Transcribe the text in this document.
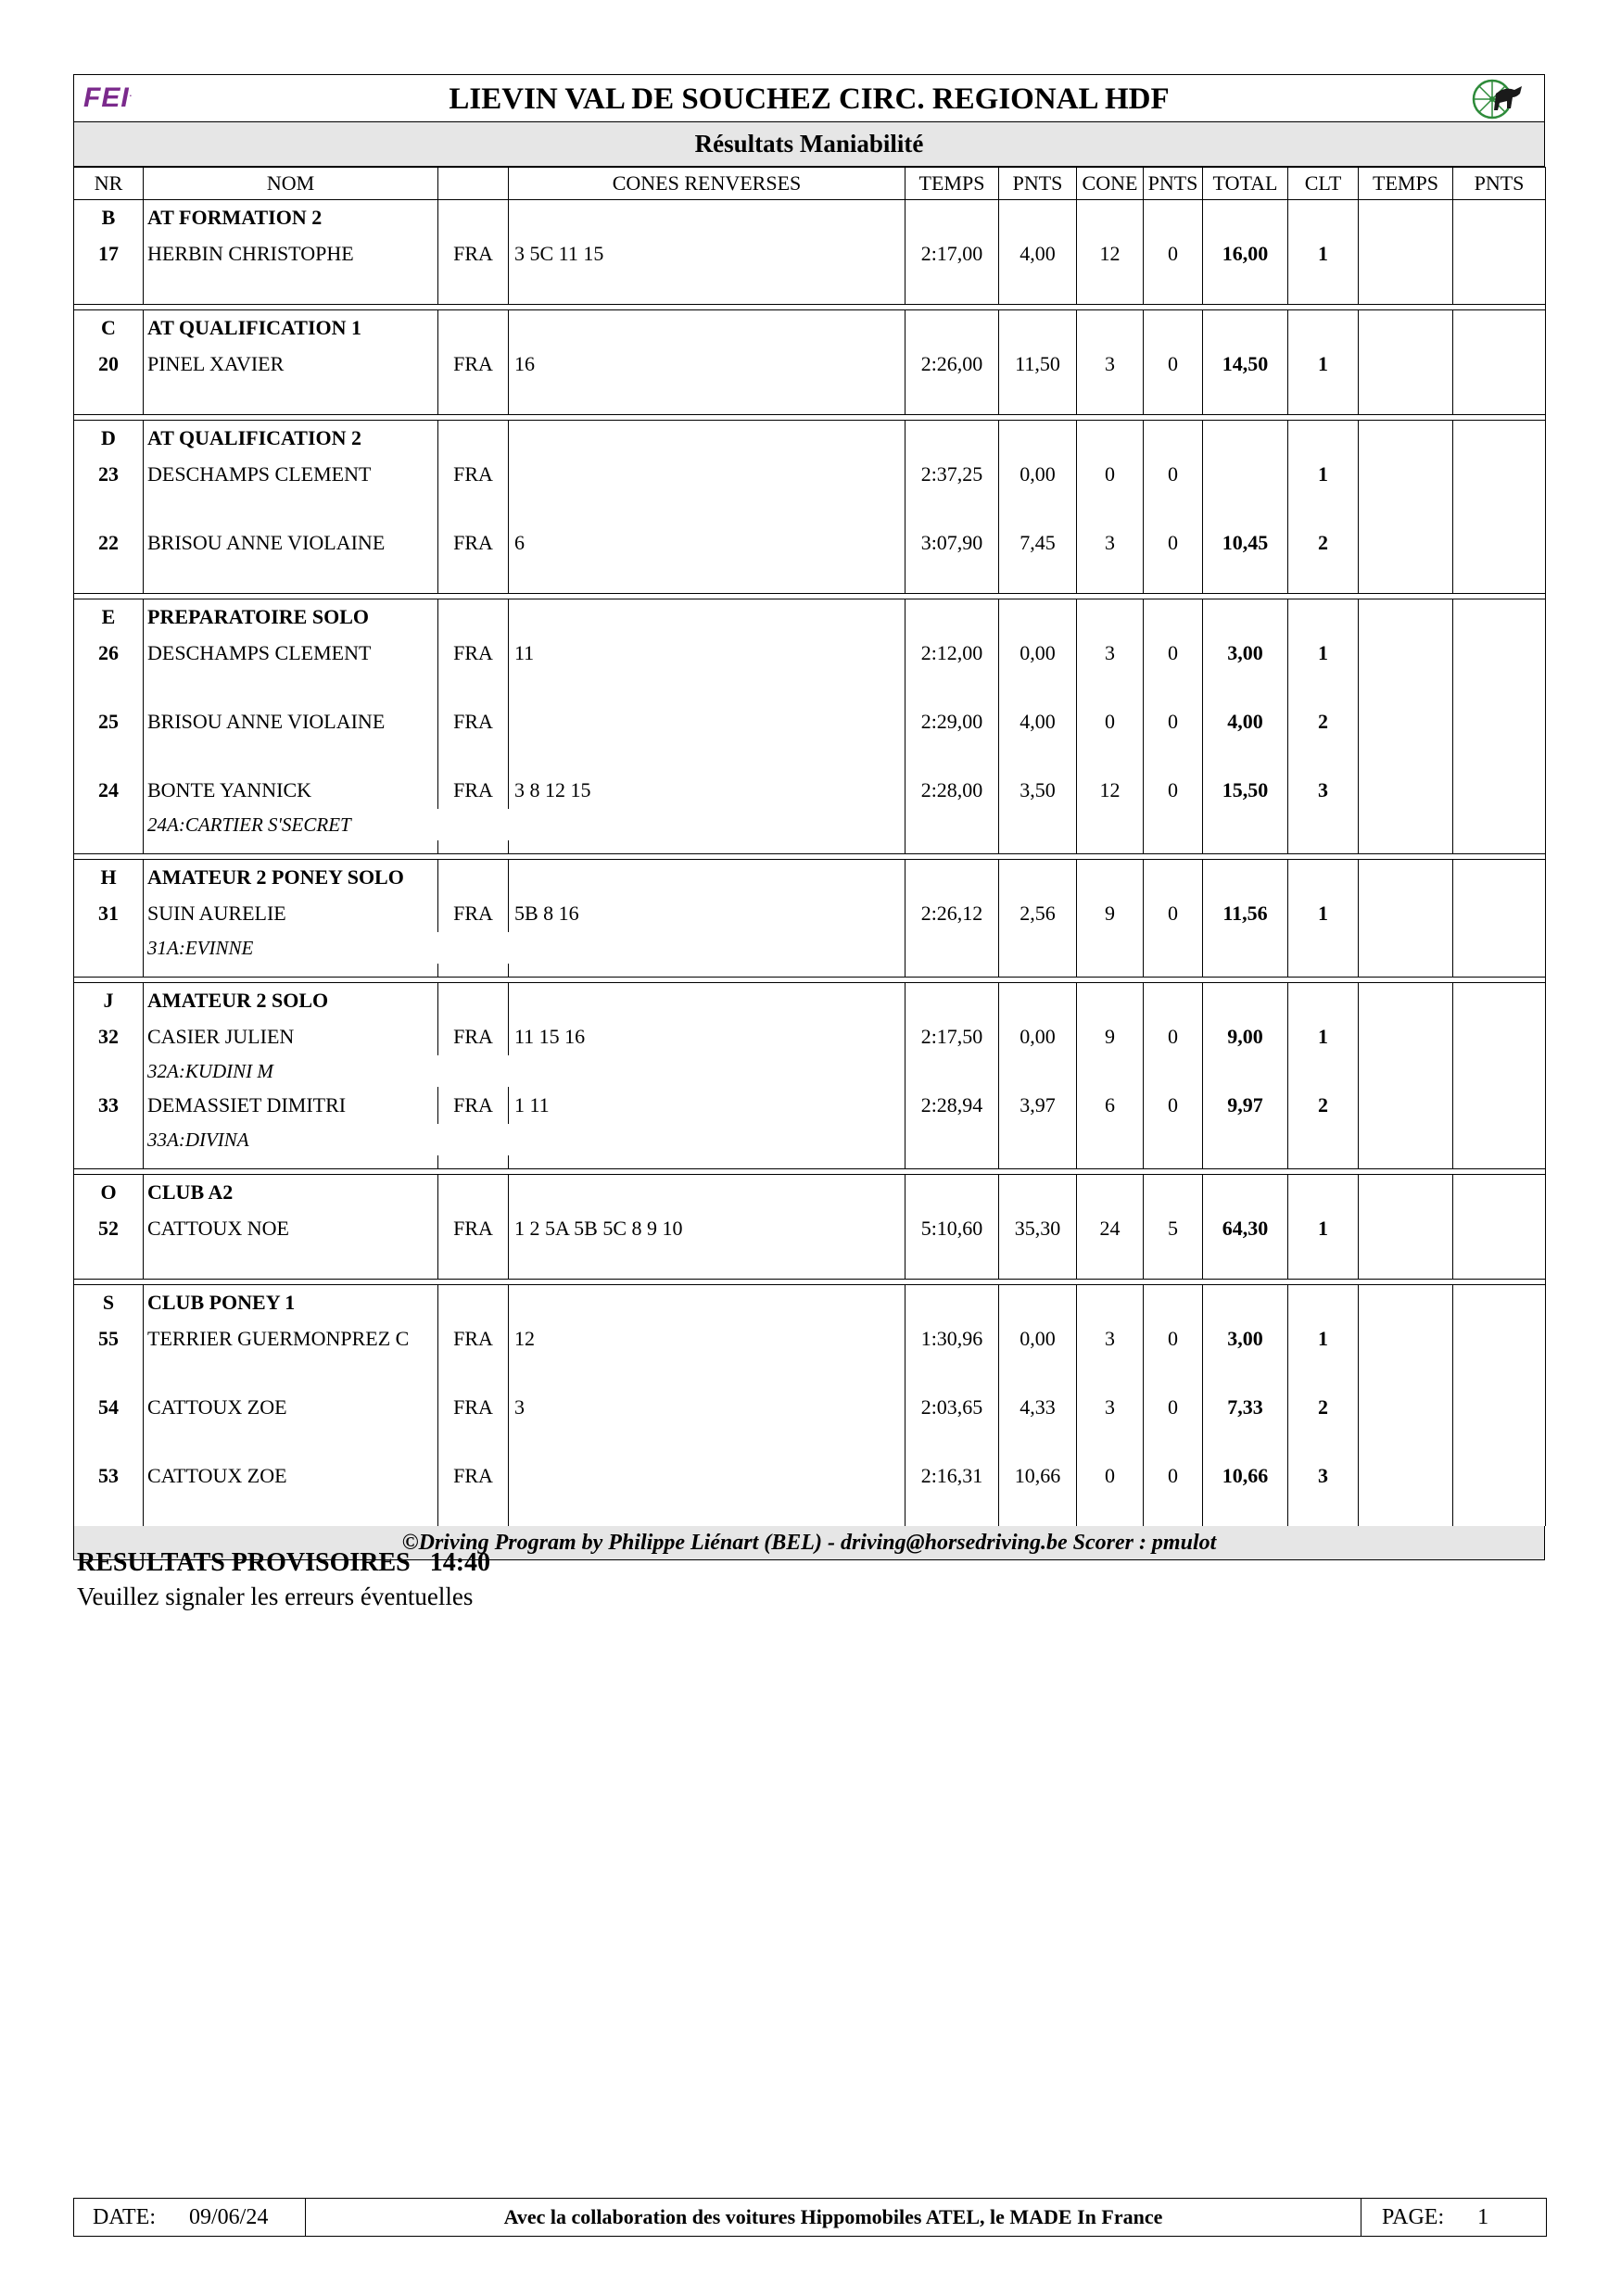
FEI.	LIEVIN VAL DE SOUCHEZ CIRC. REGIONAL HDF
Résultats Maniabilité
NR	NOM		CONES RENVERSES	TEMPS	PNTS	CONE	PNTS	TOTAL	CLT	TEMPS	PNTS
B	AT FORMATION 2										
17	HERBIN CHRISTOPHE	FRA	3 5C 11 15	2:17,00	4,00	12	0	16,00	1		

C	AT QUALIFICATION 1										
20	PINEL XAVIER	FRA	16	2:26,00	11,50	3	0	14,50	1		

D	AT QUALIFICATION 2										
23	DESCHAMPS CLEMENT	FRA		2:37,25	0,00	0	0		1		

22	BRISOU ANNE VIOLAINE	FRA	6	3:07,90	7,45	3	0	10,45	2		

E	PREPARATOIRE SOLO										
26	DESCHAMPS CLEMENT	FRA	11	2:12,00	0,00	3	0	3,00	1		

25	BRISOU ANNE VIOLAINE	FRA		2:29,00	4,00	0	0	4,00	2		

24	BONTE YANNICK	FRA	3 8 12 15	2:28,00	3,50	12	0	15,50	3		
	24A:CARTIER S'SECRET										

H	AMATEUR 2 PONEY SOLO										
31	SUIN AURELIE	FRA	5B 8 16	2:26,12	2,56	9	0	11,56	1		
	31A:EVINNE										

J	AMATEUR 2 SOLO										
32	CASIER JULIEN	FRA	11 15 16	2:17,50	0,00	9	0	9,00	1		
	32A:KUDINI M										
33	DEMASSIET DIMITRI	FRA	1 11	2:28,94	3,97	6	0	9,97	2		
	33A:DIVINA										

O	CLUB A2										
52	CATTOUX NOE	FRA	1 2 5A 5B 5C 8 9 10	5:10,60	35,30	24	5	64,30	1		

S	CLUB PONEY 1										
55	TERRIER GUERMONPREZ C	FRA	12	1:30,96	0,00	3	0	3,00	1		

54	CATTOUX ZOE	FRA	3	2:03,65	4,33	3	0	7,33	2		

53	CATTOUX ZOE	FRA		2:16,31	10,66	0	0	10,66	3		

©Driving Program by Philippe Liénart (BEL) - driving@horsedriving.be Scorer : pmulot
RESULTATS PROVISOIRES 14:40
Veuillez signaler les erreurs éventuelles
DATE: 09/06/24	Avec la collaboration des voitures Hippomobiles ATEL, le MADE In France	PAGE: 1
